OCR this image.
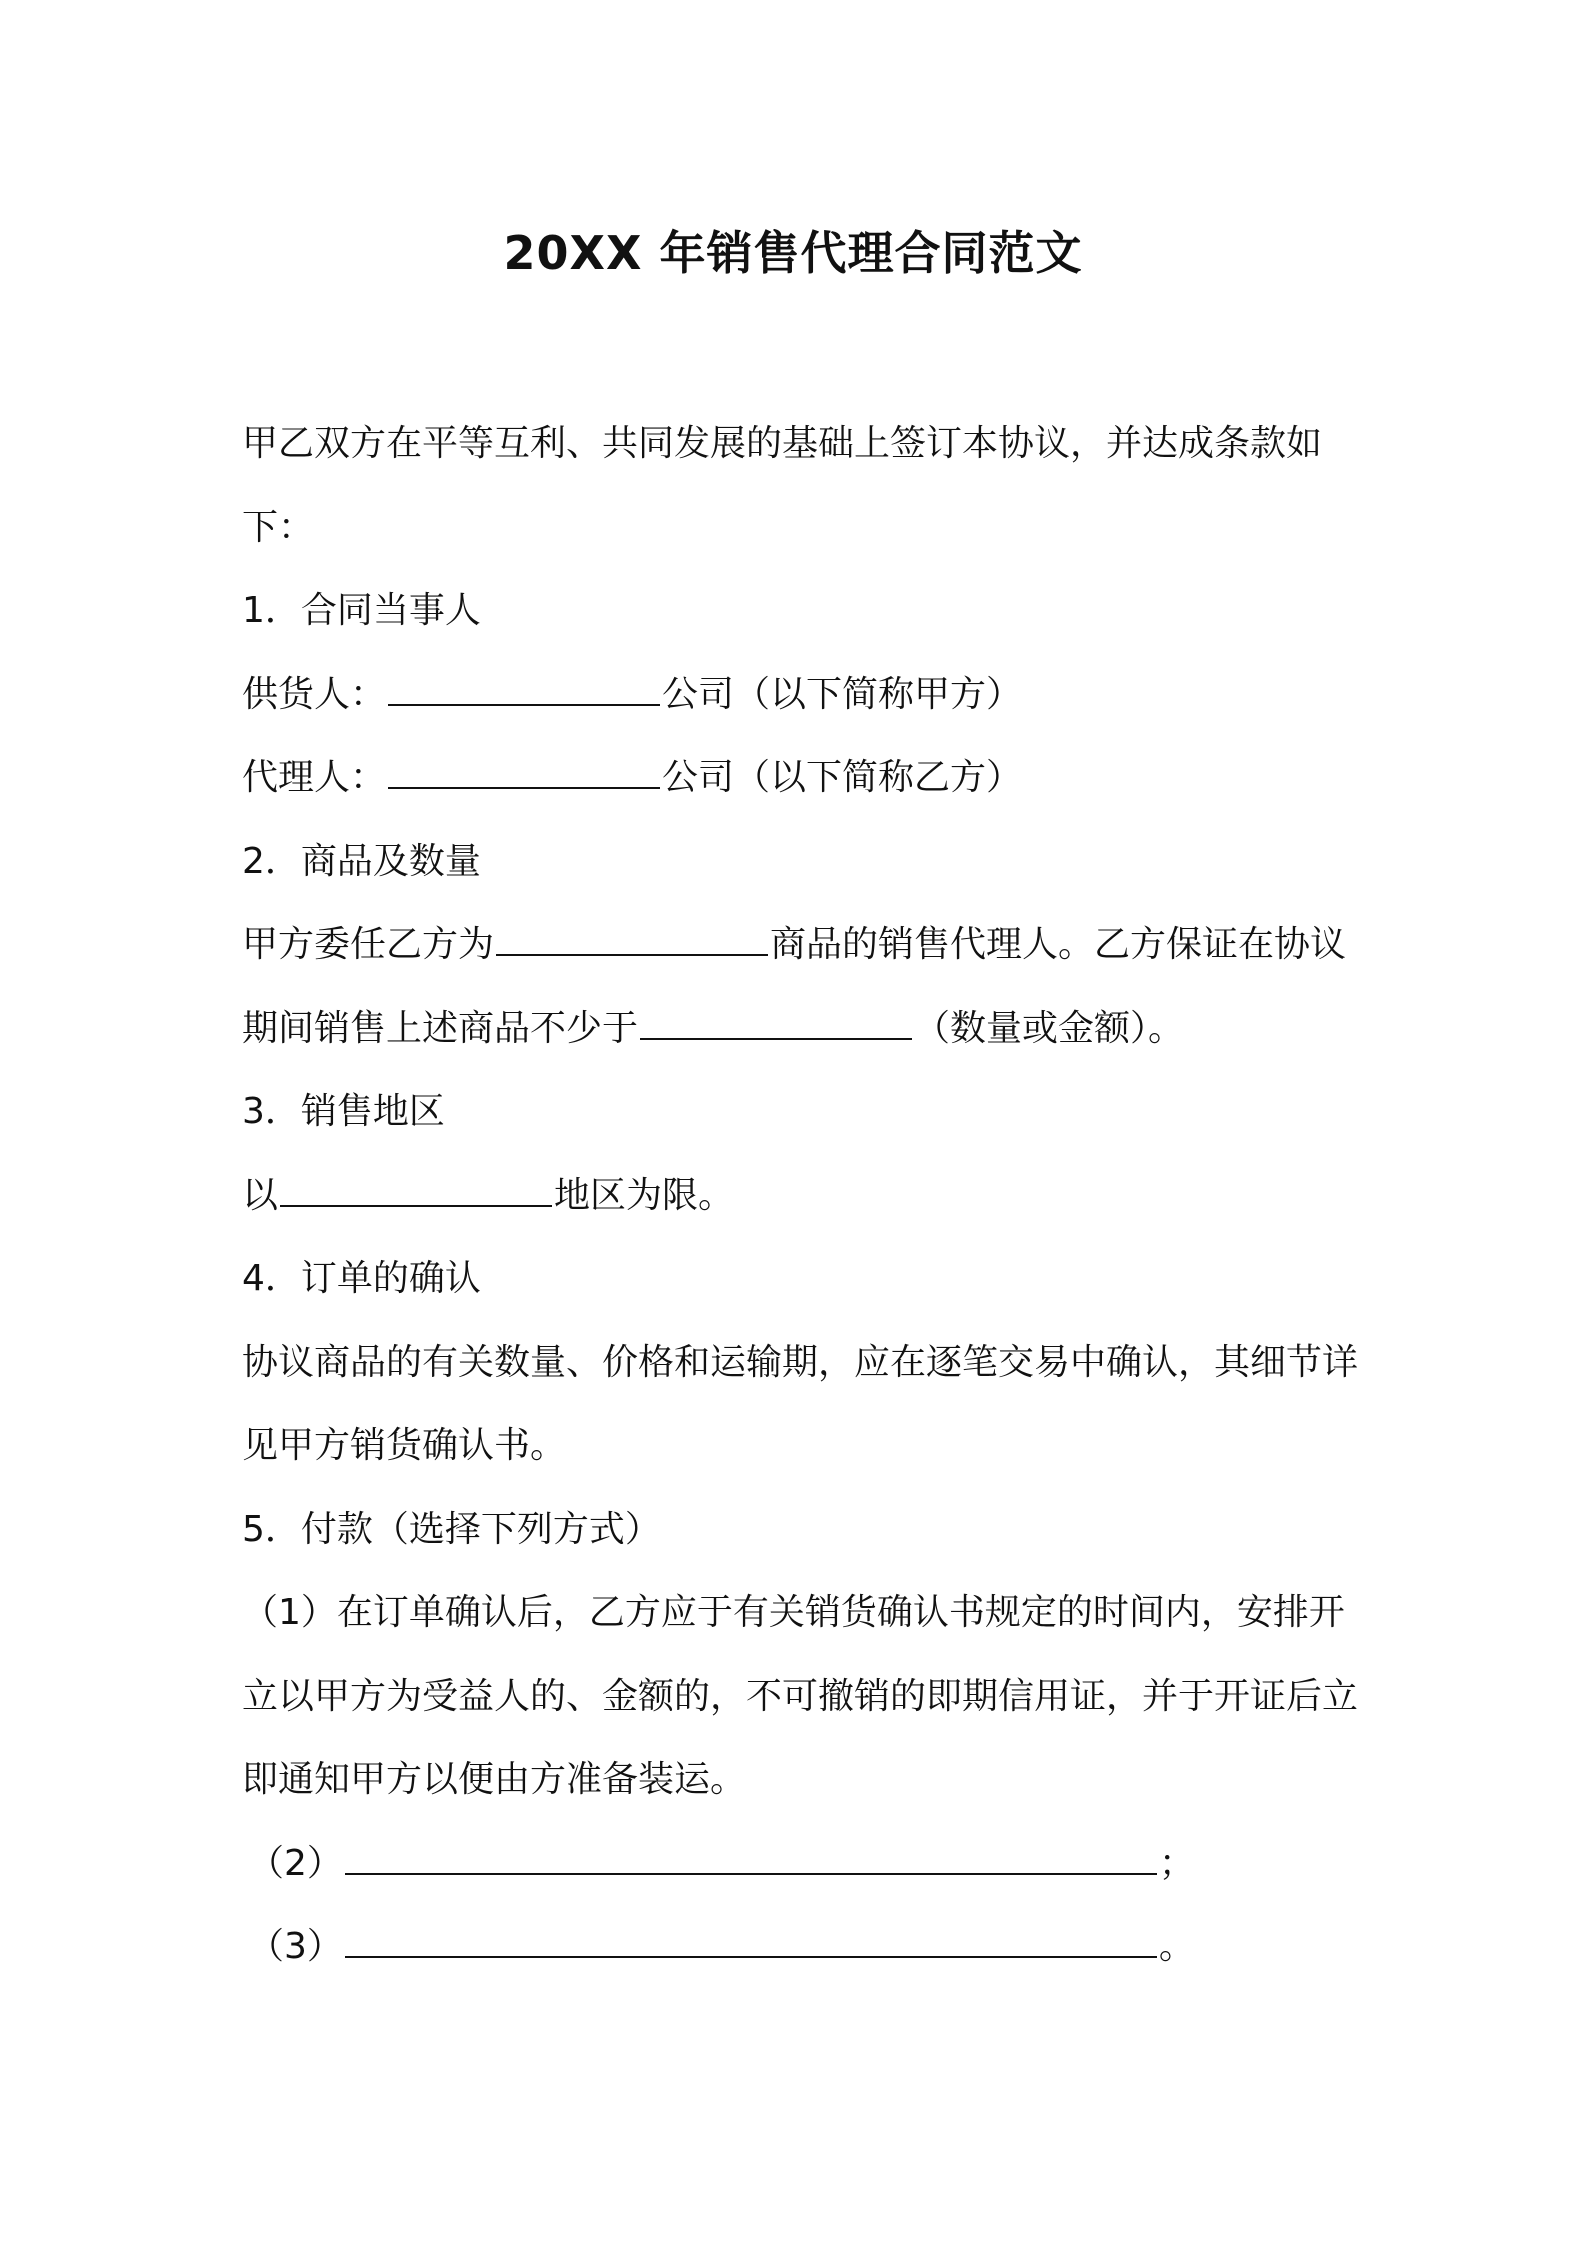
20XX 年销售代理合同范文

甲乙双方在平等互利、共同发展的基础上签订本协议，并达成条款如下：

1．合同当事人

供货人：	公司（以下简称甲方）

代理人：	公司（以下简称乙方）

2．商品及数量

甲方委任乙方为	商品的销售代理人。乙方保证在协议期间销售上述商品不少于	（数量或金额）。

3．销售地区

以	地区为限。

4．订单的确认

协议商品的有关数量、价格和运输期，应在逐笔交易中确认，其细节详见甲方销货确认书。

5．付款（选择下列方式）

（1）在订单确认后，乙方应于有关销货确认书规定的时间内，安排开立以甲方为受益人的、金额的，不可撤销的即期信用证，并于开证后立即通知甲方以便由方准备装运。

（2）	；

（3）	。
